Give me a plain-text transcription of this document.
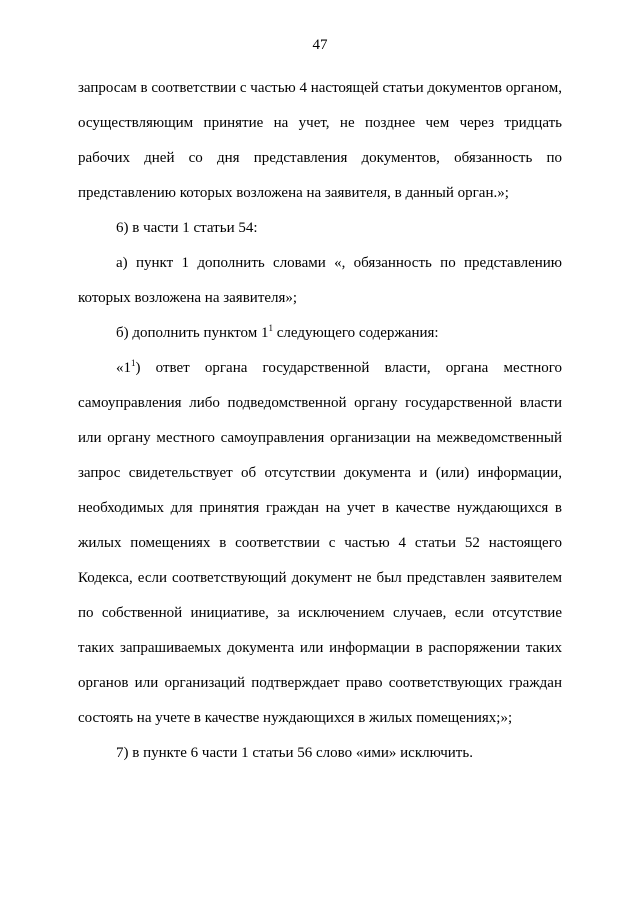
47
запросам в соответствии с частью 4 настоящей статьи документов органом,
осуществляющим принятие на учет, не позднее чем через тридцать
рабочих дней со дня представления документов, обязанность по
представлению которых возложена на заявителя, в данный орган.»;
6) в части 1 статьи 54:
а) пункт 1 дополнить словами «, обязанность по представлению
которых возложена на заявителя»;
б) дополнить пунктом $1^1$ следующего содержания:
«$1^1$ ) ответ органа государственной власти, органа местного
самоуправления либо подведомственной органу государственной власти
или органу местного самоуправления организации на межведомственный
запрос свидетельствует об отсутствии документа и (или) информации,
необходимых для принятия граждан на учет в качестве нуждающихся в
жилых помещениях в соответствии с частью 4 статьи 52 настоящего
Кодекса, если соответствующий документ не был представлен заявителем
по собственной инициативе, за исключением случаев, если отсутствие
таких запрашиваемых документа или информации в распоряжении таких
органов или организаций подтверждает право соответствующих граждан
состоять на учете в качестве нуждающихся в жилых помещениях;»;
7) в пункте 6 части 1 статьи 56 слово «ими» исключить.
